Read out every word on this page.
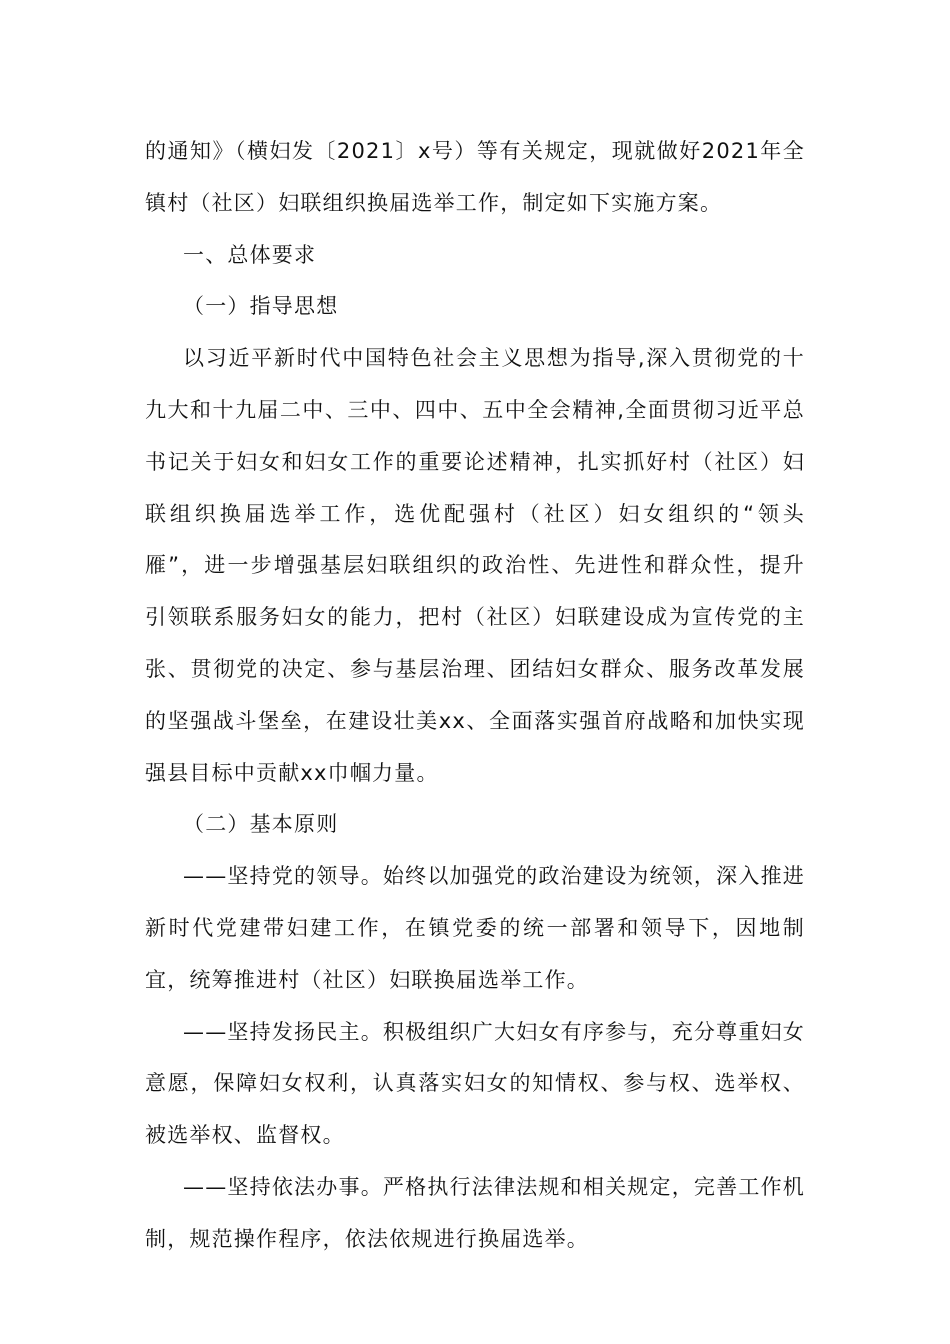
的通知》（横妇发〔2021〕x号）等有关规定，现就做好2021年全
镇村（社区）妇联组织换届选举工作，制定如下实施方案。
一、总体要求
（一）指导思想
以习近平新时代中国特色社会主义思想为指导,深入贯彻党的十
九大和十九届二中、三中、四中、五中全会精神,全面贯彻习近平总
书记关于妇女和妇女工作的重要论述精神，扎实抓好村（社区）妇
联组织换届选举工作，选优配强村（社区）妇女组织的“领头
雁”，进一步增强基层妇联组织的政治性、先进性和群众性，提升
引领联系服务妇女的能力，把村（社区）妇联建设成为宣传党的主
张、贯彻党的决定、参与基层治理、团结妇女群众、服务改革发展
的坚强战斗堡垒，在建设壮美xx、全面落实强首府战略和加快实现
强县目标中贡献xx巾帼力量。
（二）基本原则
——坚持党的领导。始终以加强党的政治建设为统领，深入推进
新时代党建带妇建工作，在镇党委的统一部署和领导下，因地制
宜，统筹推进村（社区）妇联换届选举工作。
——坚持发扬民主。积极组织广大妇女有序参与，充分尊重妇女
意愿，保障妇女权利，认真落实妇女的知情权、参与权、选举权、
被选举权、监督权。
——坚持依法办事。严格执行法律法规和相关规定，完善工作机
制，规范操作程序，依法依规进行换届选举。
